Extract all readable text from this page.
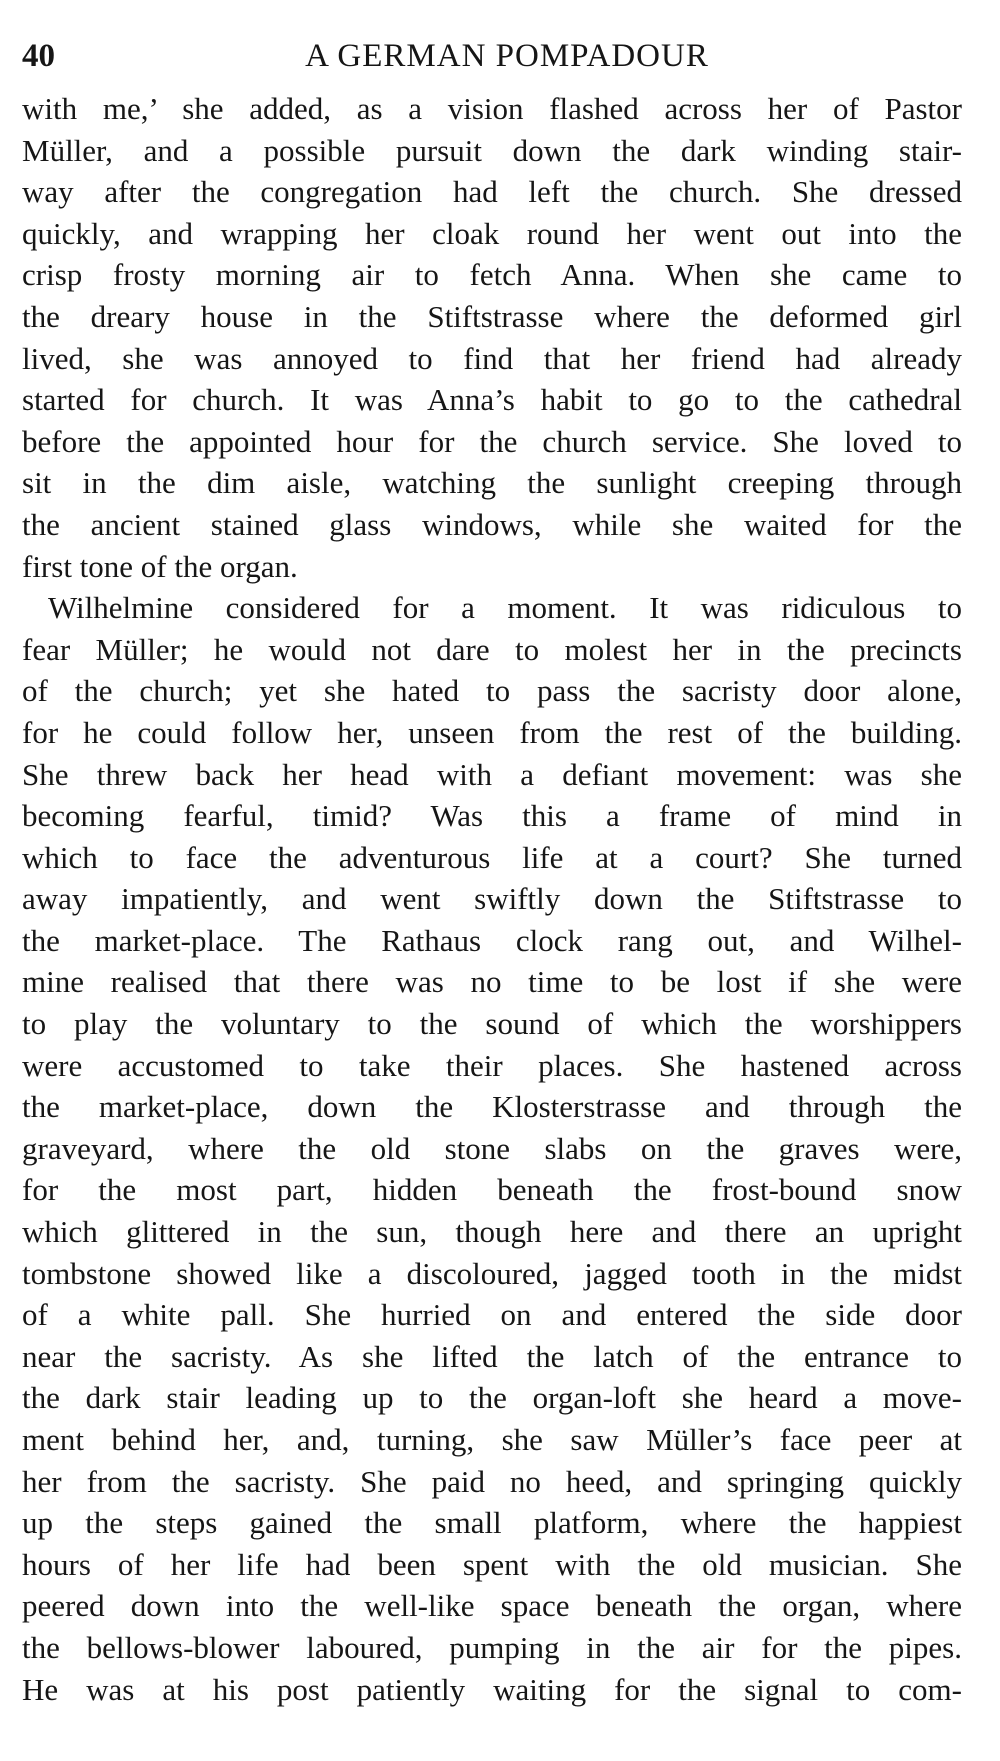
40	A GERMAN POMPADOUR
with me,’ she added, as a vision flashed across her of Pastor
Müller, and a possible pursuit down the dark winding stair-
way after the congregation had left the church. She dressed
quickly, and wrapping her cloak round her went out into the
crisp frosty morning air to fetch Anna. When she came to
the dreary house in the Stiftstrasse where the deformed girl
lived, she was annoyed to find that her friend had already
started for church. It was Anna’s habit to go to the cathedral
before the appointed hour for the church service. She loved to
sit in the dim aisle, watching the sunlight creeping through
the ancient stained glass windows, while she waited for the
first tone of the organ.
Wilhelmine considered for a moment. It was ridiculous to
fear Müller; he would not dare to molest her in the precincts
of the church; yet she hated to pass the sacristy door alone,
for he could follow her, unseen from the rest of the building.
She threw back her head with a defiant movement: was she
becoming fearful, timid? Was this a frame of mind in
which to face the adventurous life at a court? She turned
away impatiently, and went swiftly down the Stiftstrasse to
the market-place. The Rathaus clock rang out, and Wilhel-
mine realised that there was no time to be lost if she were
to play the voluntary to the sound of which the worshippers
were accustomed to take their places. She hastened across
the market-place, down the Klosterstrasse and through the
graveyard, where the old stone slabs on the graves were,
for the most part, hidden beneath the frost-bound snow
which glittered in the sun, though here and there an upright
tombstone showed like a discoloured, jagged tooth in the midst
of a white pall. She hurried on and entered the side door
near the sacristy. As she lifted the latch of the entrance to
the dark stair leading up to the organ-loft she heard a move-
ment behind her, and, turning, she saw Müller’s face peer at
her from the sacristy. She paid no heed, and springing quickly
up the steps gained the small platform, where the happiest
hours of her life had been spent with the old musician. She
peered down into the well-like space beneath the organ, where
the bellows-blower laboured, pumping in the air for the pipes.
He was at his post patiently waiting for the signal to com-
